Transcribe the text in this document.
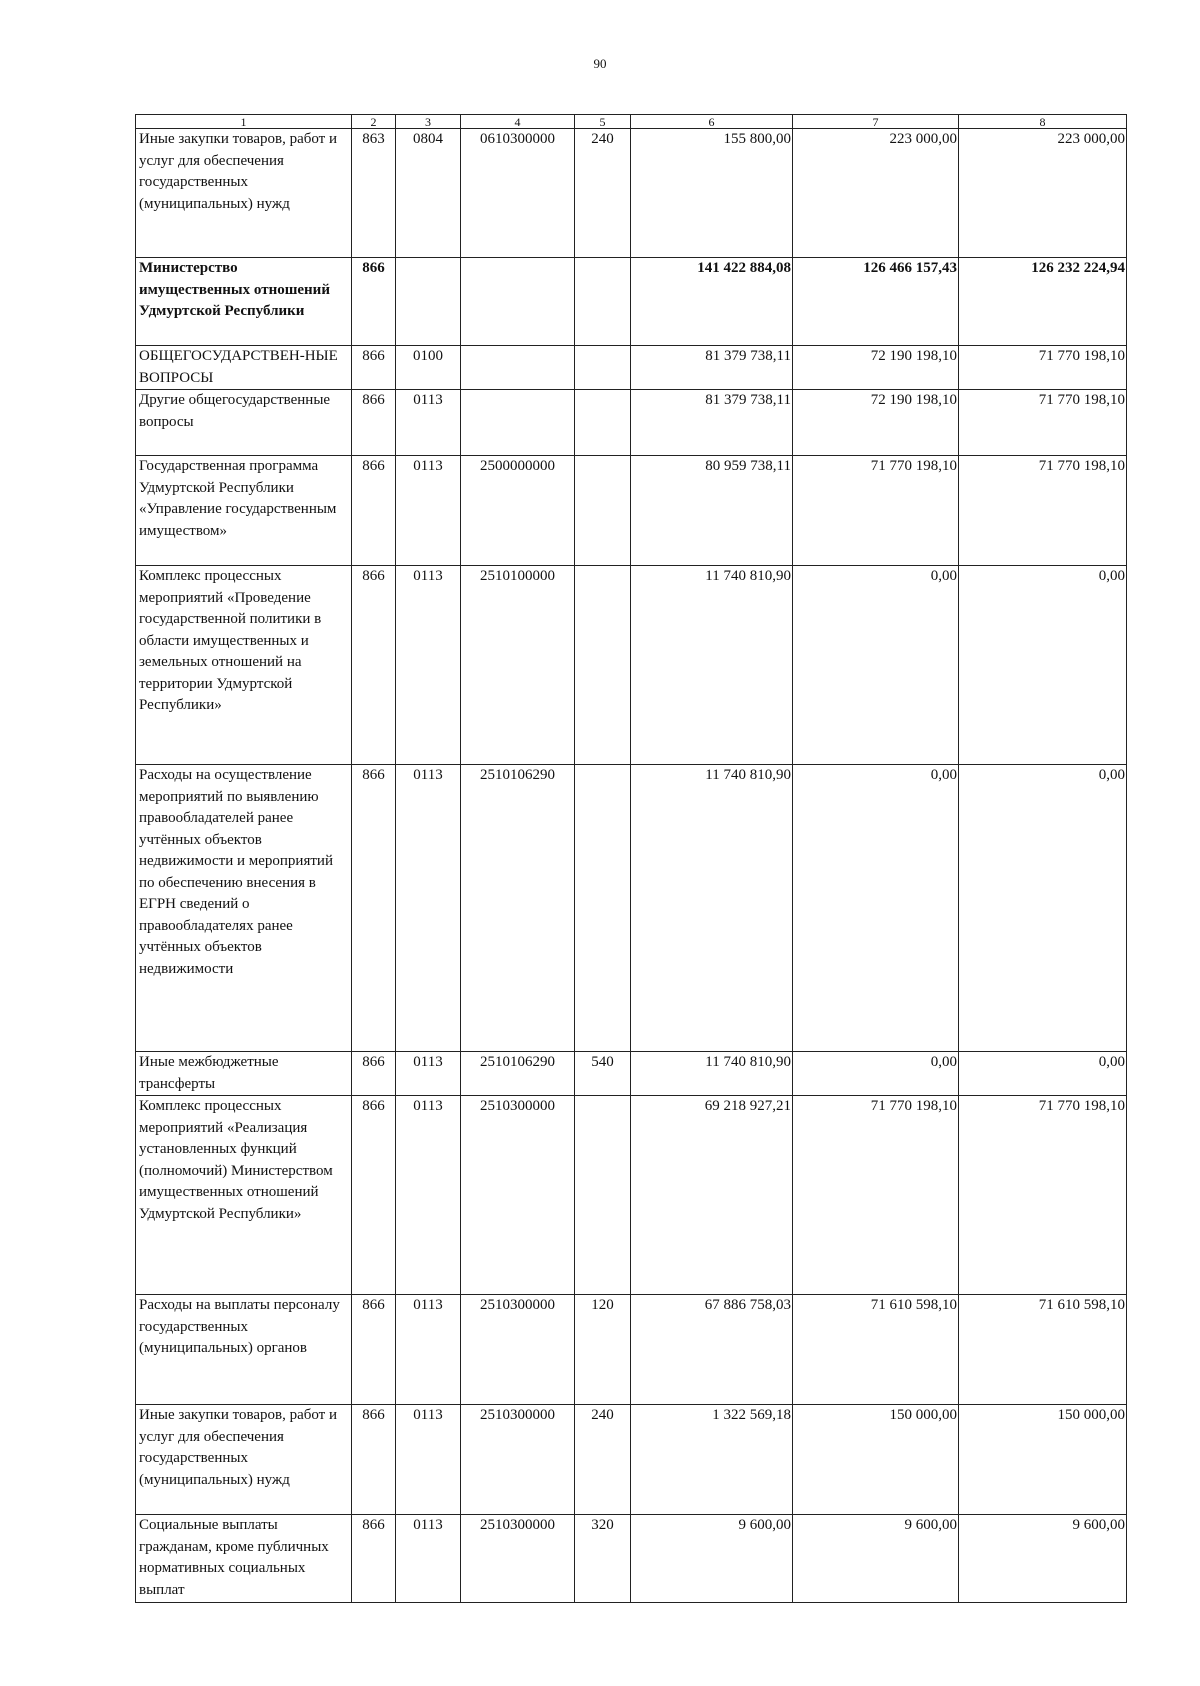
90
1	2	3	4	5	6	7	8
Иные закупки товаров, работ и услуг для обеспечения государственных (муниципальных) нужд	863	0804	0610300000	240	155 800,00	223 000,00	223 000,00
Министерство имущественных отношений Удмуртской Республики	866				141 422 884,08	126 466 157,43	126 232 224,94
ОБЩЕГОСУДАРСТВЕН-НЫЕ ВОПРОСЫ	866	0100			81 379 738,11	72 190 198,10	71 770 198,10
Другие общегосударственные вопросы	866	0113			81 379 738,11	72 190 198,10	71 770 198,10
Государственная программа Удмуртской Республики «Управление государственным имуществом»	866	0113	2500000000		80 959 738,11	71 770 198,10	71 770 198,10
Комплекс процессных мероприятий «Проведение государственной политики в области имущественных и земельных отношений на территории Удмуртской Республики»	866	0113	2510100000		11 740 810,90	0,00	0,00
Расходы на осуществление мероприятий по выявлению правообладателей ранее учтённых объектов недвижимости и мероприятий по обеспечению внесения в ЕГРН сведений о правообладателях ранее учтённых объектов недвижимости	866	0113	2510106290		11 740 810,90	0,00	0,00
Иные межбюджетные трансферты	866	0113	2510106290	540	11 740 810,90	0,00	0,00
Комплекс процессных мероприятий «Реализация установленных функций (полномочий) Министерством имущественных отношений Удмуртской Республики»	866	0113	2510300000		69 218 927,21	71 770 198,10	71 770 198,10
Расходы на выплаты персоналу государственных (муниципальных) органов	866	0113	2510300000	120	67 886 758,03	71 610 598,10	71 610 598,10
Иные закупки товаров, работ и услуг для обеспечения государственных (муниципальных) нужд	866	0113	2510300000	240	1 322 569,18	150 000,00	150 000,00
Социальные выплаты гражданам, кроме публичных нормативных социальных выплат	866	0113	2510300000	320	9 600,00	9 600,00	9 600,00
